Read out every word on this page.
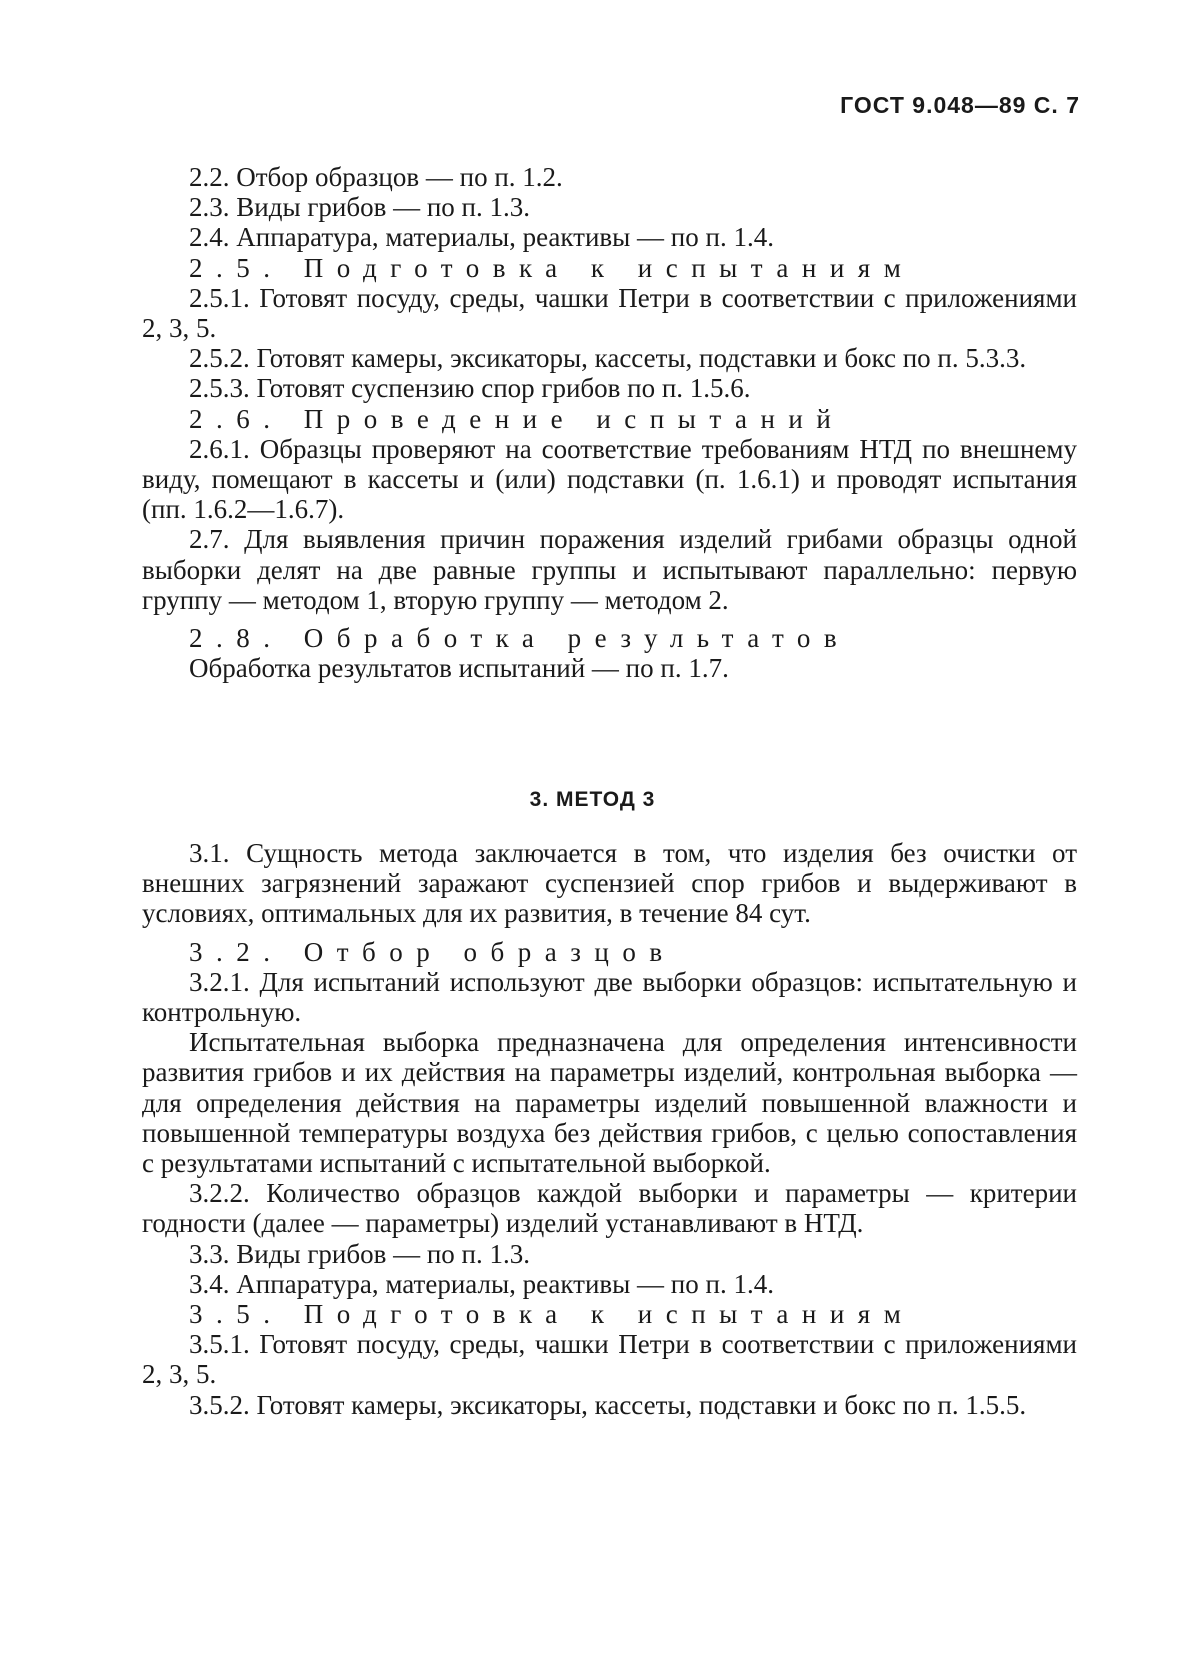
ГОСТ 9.048—89 С. 7

2.2. Отбор образцов — по п. 1.2.

2.3. Виды грибов — по п. 1.3.

2.4. Аппаратура, материалы, реактивы — по п. 1.4.

2.5. Подготовка к испытаниям

2.5.1. Готовят посуду, среды, чашки Петри в соответствии с приложениями 2, 3, 5.

2.5.2. Готовят камеры, эксикаторы, кассеты, подставки и бокс по п. 5.3.3.

2.5.3. Готовят суспензию спор грибов по п. 1.5.6.

2.6. Проведение испытаний

2.6.1. Образцы проверяют на соответствие требованиям НТД по внешнему виду, помещают в кассеты и (или) подставки (п. 1.6.1) и проводят испытания (пп. 1.6.2—1.6.7).

2.7. Для выявления причин поражения изделий грибами образцы одной выборки делят на две равные группы и испытывают параллельно: первую группу — методом 1, вторую группу — методом 2.

2.8. Обработка результатов

Обработка результатов испытаний — по п. 1.7.

3. МЕТОД 3

3.1. Сущность метода заключается в том, что изделия без очистки от внешних загрязнений заражают суспензией спор грибов и выдерживают в условиях, оптимальных для их развития, в течение 84 сут.

3.2. Отбор образцов

3.2.1. Для испытаний используют две выборки образцов: испытательную и контрольную.

Испытательная выборка предназначена для определения интенсивности развития грибов и их действия на параметры изделий, контрольная выборка — для определения действия на параметры изделий повышенной влажности и повышенной температуры воздуха без действия грибов, с целью сопоставления с результатами испытаний с испытательной выборкой.

3.2.2. Количество образцов каждой выборки и параметры — критерии годности (далее — параметры) изделий устанавливают в НТД.

3.3. Виды грибов — по п. 1.3.

3.4. Аппаратура, материалы, реактивы — по п. 1.4.

3.5. Подготовка к испытаниям

3.5.1. Готовят посуду, среды, чашки Петри в соответствии с приложениями 2, 3, 5.

3.5.2. Готовят камеры, эксикаторы, кассеты, подставки и бокс по п. 1.5.5.
